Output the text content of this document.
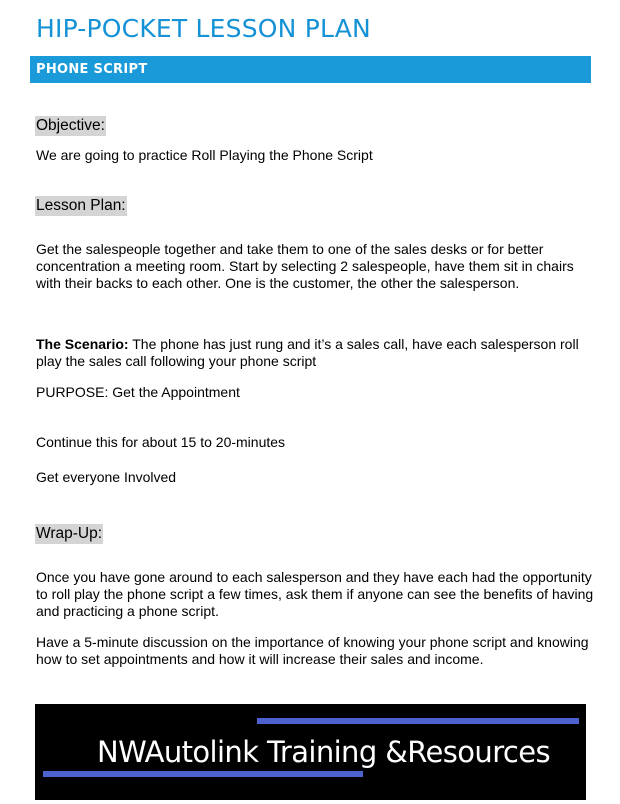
HIP-POCKET LESSON PLAN
PHONE SCRIPT
Objective:
We are going to practice Roll Playing the Phone Script
Lesson Plan:
Get the salespeople together and take them to one of the sales desks or for better concentration a meeting room. Start by selecting 2 salespeople, have them sit in chairs with their backs to each other. One is the customer, the other the salesperson.
The Scenario: The phone has just rung and it’s a sales call, have each salesperson roll play the sales call following your phone script
PURPOSE: Get the Appointment
Continue this for about 15 to 20-minutes
Get everyone Involved
Wrap-Up:
Once you have gone around to each salesperson and they have each had the opportunity to roll play the phone script a few times, ask them if anyone can see the benefits of having and practicing a phone script.
Have a 5-minute discussion on the importance of knowing your phone script and knowing how to set appointments and how it will increase their sales and income.
NWAutolink Training &Resources
